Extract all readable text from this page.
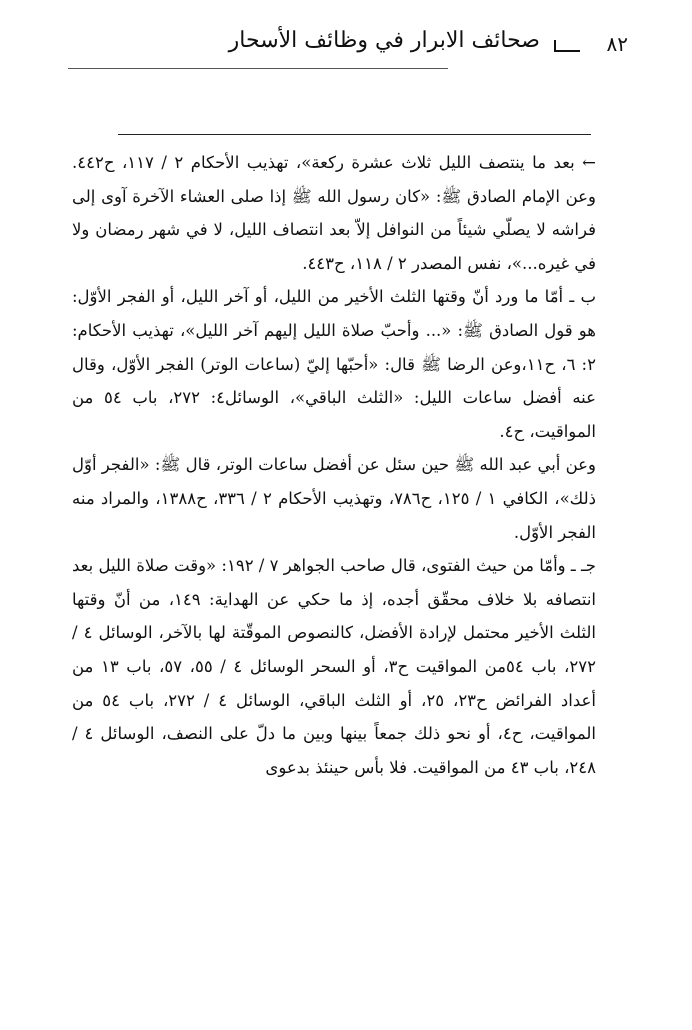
٨٢
صحائف الابرار في وظائف الأسحار

← بعد ما ينتصف الليل ثلاث عشرة ركعة»، تهذيب الأحكام ٢ / ١١٧، ح٤٤٢. وعن الإمام الصادق ﷺ: «كان رسول الله ﷺ إذا صلى العشاء الآخرة آوى إلى فراشه لا يصلّي شيئاً من النوافل إلاّ بعد انتصاف الليل، لا في شهر رمضان ولا في غيره...»، نفس المصدر ٢ / ١١٨، ح٤٤٣.

ب ـ أمّا ما ورد أنّ وقتها الثلث الأخير من الليل، أو آخر الليل، أو الفجر الأوّل: هو قول الصادق ﷺ: «... وأحبّ صلاة الليل إليهم آخر الليل»، تهذيب الأحكام: ٢: ٦، ح١١،وعن الرضا ﷺ قال: «أحبّها إليّ (ساعات الوتر) الفجر الأوّل، وقال عنه أفضل ساعات الليل: «الثلث الباقي»، الوسائل٤: ٢٧٢، باب ٥٤ من المواقيت، ح٤.

وعن أبي عبد الله ﷺ حين سئل عن أفضل ساعات الوتر، قال ﷺ: «الفجر أوّل ذلك»، الكافي ١ / ١٢٥، ح٧٨٦، وتهذيب الأحكام ٢ / ٣٣٦، ح١٣٨٨، والمراد منه الفجر الأوّل.

جـ ـ وأمّا من حيث الفتوى، قال صاحب الجواهر ٧ / ١٩٢: «وقت صلاة الليل بعد انتصافه بلا خلاف محقّق أجده، إذ ما حكي عن الهداية: ١٤٩، من أنّ وقتها الثلث الأخير محتمل لإرادة الأفضل، كالنصوص الموقّتة لها بالآخر، الوسائل ٤ / ٢٧٢، باب ٥٤من المواقيت ح٣، أو السحر الوسائل ٤ / ٥٥، ٥٧، باب ١٣ من أعداد الفرائض ح٢٣، ٢٥، أو الثلث الباقي، الوسائل ٤ / ٢٧٢، باب ٥٤ من المواقيت، ح٤، أو نحو ذلك جمعاً بينها وبين ما دلّ على النصف، الوسائل ٤ / ٢٤٨، باب ٤٣ من المواقيت. فلا بأس حينئذ بدعوى
